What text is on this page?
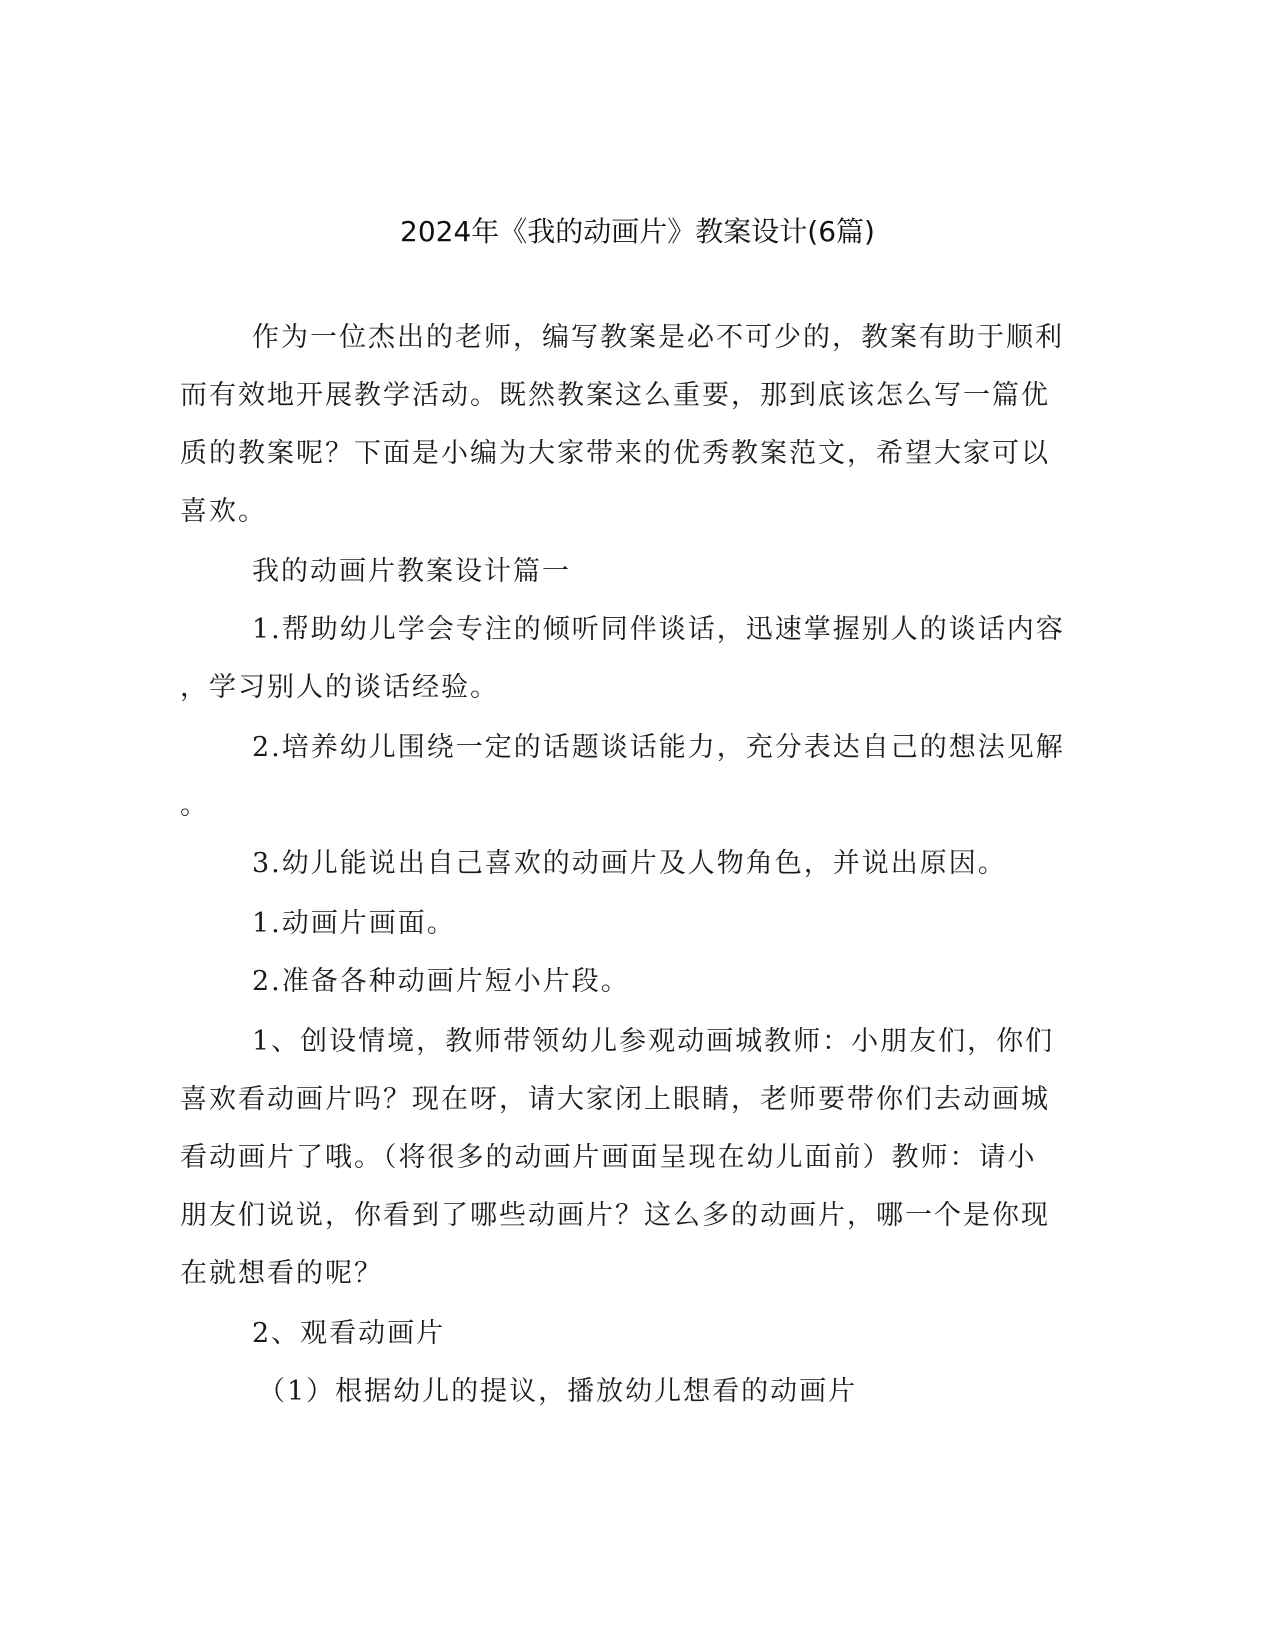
2024年《我的动画片》教案设计(6篇)
作为一位杰出的老师，编写教案是必不可少的，教案有助于顺利
而有效地开展教学活动。既然教案这么重要，那到底该怎么写一篇优
质的教案呢？下面是小编为大家带来的优秀教案范文，希望大家可以
喜欢。
我的动画片教案设计篇一
1.帮助幼儿学会专注的倾听同伴谈话，迅速掌握别人的谈话内容
，学习别人的谈话经验。
2.培养幼儿围绕一定的话题谈话能力，充分表达自己的想法见解
。
3.幼儿能说出自己喜欢的动画片及人物角色，并说出原因。
1.动画片画面。
2.准备各种动画片短小片段。
1、创设情境，教师带领幼儿参观动画城教师：小朋友们，你们
喜欢看动画片吗？现在呀，请大家闭上眼睛，老师要带你们去动画城
看动画片了哦。（将很多的动画片画面呈现在幼儿面前）教师：请小
朋友们说说，你看到了哪些动画片？这么多的动画片，哪一个是你现
在就想看的呢？
2、观看动画片
（1）根据幼儿的提议，播放幼儿想看的动画片
